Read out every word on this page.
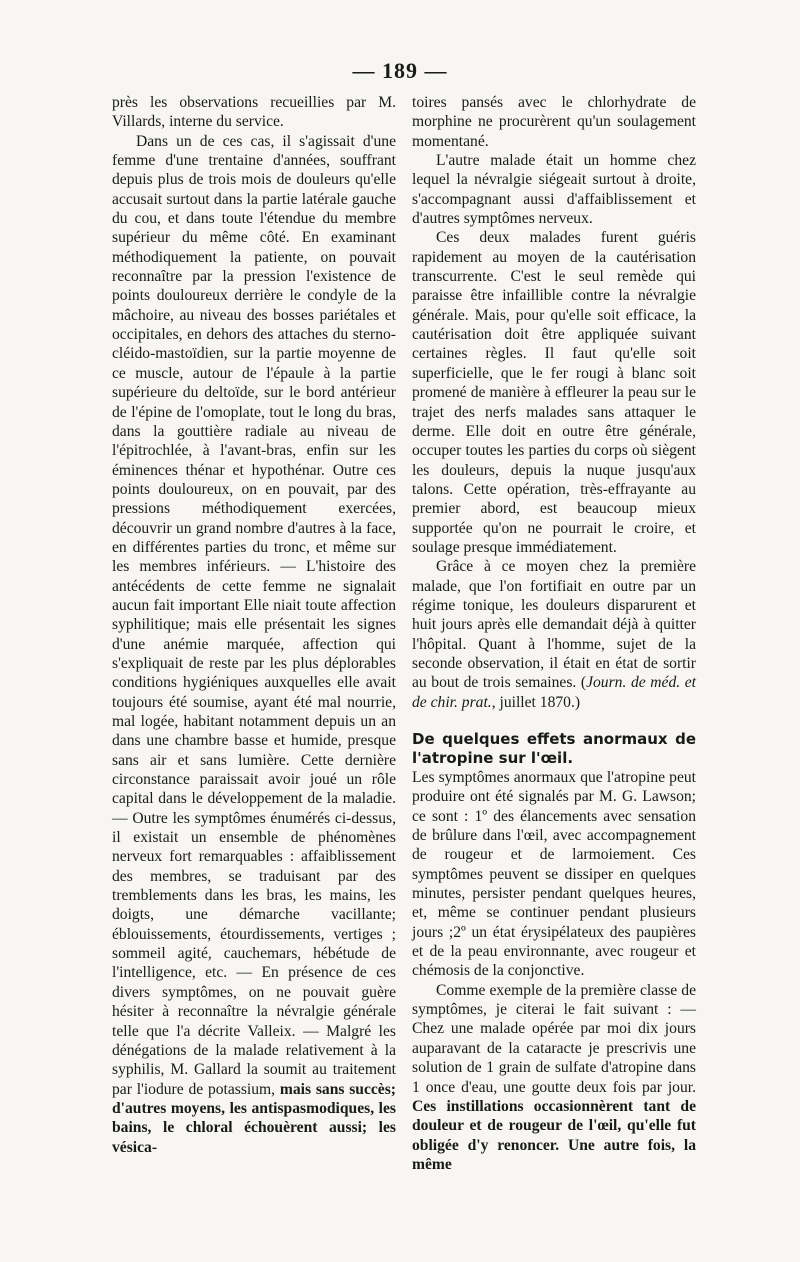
— 189 —

près les observations recueillies par M. Villards, interne du service.

Dans un de ces cas, il s'agissait d'une femme d'une trentaine d'années, souffrant depuis plus de trois mois de douleurs qu'elle accusait surtout dans la partie latérale gauche du cou, et dans toute l'étendue du membre supérieur du même côté. En examinant méthodiquement la patiente, on pouvait reconnaître par la pression l'existence de points douloureux derrière le condyle de la mâchoire, au niveau des bosses pariétales et occipitales, en dehors des attaches du sterno-cléido-mastoïdien, sur la partie moyenne de ce muscle, autour de l'épaule à la partie supérieure du deltoïde, sur le bord antérieur de l'épine de l'omoplate, tout le long du bras, dans la gouttière radiale au niveau de l'épitrochlée, à l'avant-bras, enfin sur les éminences thénar et hypothénar. Outre ces points douloureux, on en pouvait, par des pressions méthodiquement exercées, découvrir un grand nombre d'autres à la face, en différentes parties du tronc, et même sur les membres inférieurs. — L'histoire des antécédents de cette femme ne signalait aucun fait important Elle niait toute affection syphilitique; mais elle présentait les signes d'une anémie marquée, affection qui s'expliquait de reste par les plus déplorables conditions hygiéniques auxquelles elle avait toujours été soumise, ayant été mal nourrie, mal logée, habitant notamment depuis un an dans une chambre basse et humide, presque sans air et sans lumière. Cette dernière circonstance paraissait avoir joué un rôle capital dans le développement de la maladie. — Outre les symptômes énumérés ci-dessus, il existait un ensemble de phénomènes nerveux fort remarquables : affaiblissement des membres, se traduisant par des tremblements dans les bras, les mains, les doigts, une démarche vacillante; éblouissements, étourdissements, vertiges ; sommeil agité, cauchemars, hébétude de l'intelligence, etc. — En présence de ces divers symptômes, on ne pouvait guère hésiter à reconnaître la névralgie générale telle que l'a décrite Valleix. — Malgré les dénégations de la malade relativement à la syphilis, M. Gallard la soumit au traitement par l'iodure de potassium, mais sans succès; d'autres moyens, les antispasmodiques, les bains, le chloral échouèrent aussi; les vésica-

toires pansés avec le chlorhydrate de morphine ne procurèrent qu'un soulagement momentané.

L'autre malade était un homme chez lequel la névralgie siégeait surtout à droite, s'accompagnant aussi d'affaiblissement et d'autres symptômes nerveux.

Ces deux malades furent guéris rapidement au moyen de la cautérisation transcurrente. C'est le seul remède qui paraisse être infaillible contre la névralgie générale. Mais, pour qu'elle soit efficace, la cautérisation doit être appliquée suivant certaines règles. Il faut qu'elle soit superficielle, que le fer rougi à blanc soit promené de manière à effleurer la peau sur le trajet des nerfs malades sans attaquer le derme. Elle doit en outre être générale, occuper toutes les parties du corps où siègent les douleurs, depuis la nuque jusqu'aux talons. Cette opération, très-effrayante au premier abord, est beaucoup mieux supportée qu'on ne pourrait le croire, et soulage presque immédiatement.

Grâce à ce moyen chez la première malade, que l'on fortifiait en outre par un régime tonique, les douleurs disparurent et huit jours après elle demandait déjà à quitter l'hôpital. Quant à l'homme, sujet de la seconde observation, il était en état de sortir au bout de trois semaines. (Journ. de méd. et de chir. prat., juillet 1870.)

De quelques effets anormaux de l'atropine sur l'œil.

Les symptômes anormaux que l'atropine peut produire ont été signalés par M. G. Lawson; ce sont : 1º des élancements avec sensation de brûlure dans l'œil, avec accompagnement de rougeur et de larmoiement. Ces symptômes peuvent se dissiper en quelques minutes, persister pendant quelques heures, et, même se continuer pendant plusieurs jours ;2º un état érysipélateux des paupières et de la peau environnante, avec rougeur et chémosis de la conjonctive.

Comme exemple de la première classe de symptômes, je citerai le fait suivant : — Chez une malade opérée par moi dix jours auparavant de la cataracte je prescrivis une solution de 1 grain de sulfate d'atropine dans 1 once d'eau, une goutte deux fois par jour. Ces instillations occasionnèrent tant de douleur et de rougeur de l'œil, qu'elle fut obligée d'y renoncer. Une autre fois, la même
